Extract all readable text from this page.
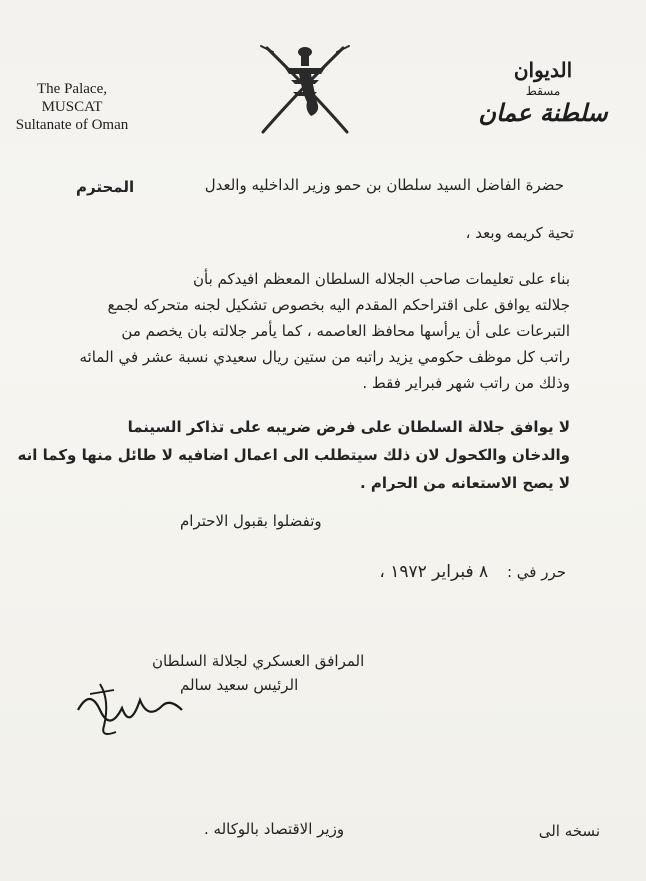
The Palace,
MUSCAT
Sultanate of Oman
الديوان
مسقط
سلطنة عمان
حضرة الفاضل السيد سلطان بن حمو وزير الداخليه والعدل
المحترم
تحية كريمه وبعد ،
بناء على تعليمات صاحب الجلاله السلطان المعظم افيدكم بأن
جلالته يوافق على اقتراحكم المقدم اليه بخصوص تشكيل لجنه متحركه لجمع
التبرعات على أن يرأسها محافظ العاصمه ، كما يأمر جلالته بان يخصم من
راتب كل موظف حكومي يزيد راتبه من ستين ريال سعيدي نسبة عشر في المائه
وذلك من راتب شهر فبراير فقط .
لا يوافق جلالة السلطان على فرض ضريبه على تذاكر السينما
والدخان والكحول لان ذلك سيتطلب الى اعمال اضافيه لا طائل منها وكما انه
لا يصح الاستعانه من الحرام .
وتفضلوا بقبول الاحترام
حرر في : ٨ فبراير ١٩٧٢ ،
المرافق العسكري لجلالة السلطان
الرئيس سعيد سالم
وزير الاقتصاد بالوكاله .	نسخه الى
